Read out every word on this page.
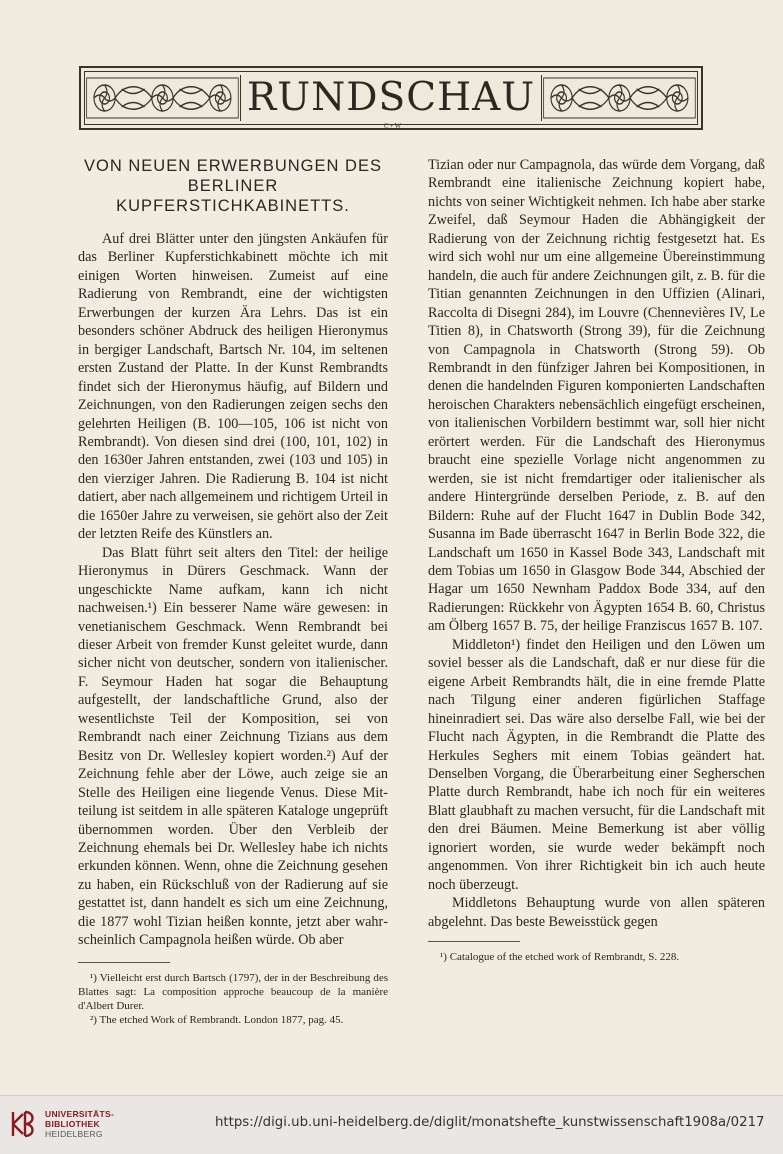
RUNDSCHAU
C+W
VON NEUEN ERWERBUNGEN DES BERLINER KUPFERSTICHKABINETTS.

Auf drei Blätter unter den jüngsten Ankäufen für das Berliner Kupferstichkabinett möchte ich mit einigen Worten hinweisen. Zumeist auf eine Radierung von Rembrandt, eine der wichtigsten Erwerbungen der kurzen Ära Lehrs. Das ist ein besonders schöner Abdruck des heiligen Hieronymus in bergiger Landschaft, Bartsch Nr. 104, im seltenen ersten Zustand der Platte. In der Kunst Rembrandts findet sich der Hieronymus häufig, auf Bildern und Zeichnungen, von den Radierungen zeigen sechs den gelehrten Heiligen (B. 100—105, 106 ist nicht von Rembrandt). Von diesen sind drei (100, 101, 102) in den 1630er Jahren entstanden, zwei (103 und 105) in den vierziger Jahren. Die Radierung B. 104 ist nicht datiert, aber nach allgemeinem und richtigem Urteil in die 1650er Jahre zu verweisen, sie gehört also der Zeit der letzten Reife des Künstlers an.

Das Blatt führt seit alters den Titel: der heilige Hieronymus in Dürers Geschmack. Wann der ungeschickte Name aufkam, kann ich nicht nachweisen.¹) Ein besserer Name wäre gewesen: in venetianischem Geschmack. Wenn Rembrandt bei dieser Arbeit von fremder Kunst geleitet wurde, dann sicher nicht von deutscher, sondern von italienischer. F. Seymour Haden hat sogar die Behauptung aufgestellt, der landschaftliche Grund, also der wesentlichste Teil der Komposition, sei von Rembrandt nach einer Zeichnung Tizians aus dem Besitz von Dr. Wellesley kopiert worden.²) Auf der Zeichnung fehle aber der Löwe, auch zeige sie an Stelle des Heiligen eine liegende Venus. Diese Mitteilung ist seitdem in alle späteren Kataloge ungeprüft übernommen worden. Über den Verbleib der Zeichnung ehemals bei Dr. Wellesley habe ich nichts erkunden können. Wenn, ohne die Zeichnung gesehen zu haben, ein Rückschluß von der Radierung auf sie gestattet ist, dann handelt es sich um eine Zeichnung, die 1877 wohl Tizian heißen konnte, jetzt aber wahrscheinlich Campagnola heißen würde. Ob aber

¹) Vielleicht erst durch Bartsch (1797), der in der Beschreibung des Blattes sagt: La composition approche beaucoup de la manière d'Albert Durer.

²) The etched Work of Rembrandt. London 1877, pag. 45.

Tizian oder nur Campagnola, das würde dem Vorgang, daß Rembrandt eine italienische Zeichnung kopiert habe, nichts von seiner Wichtigkeit nehmen. Ich habe aber starke Zweifel, daß Seymour Haden die Abhängigkeit der Radierung von der Zeichnung richtig festgesetzt hat. Es wird sich wohl nur um eine allgemeine Übereinstimmung handeln, die auch für andere Zeichnungen gilt, z. B. für die Titian genannten Zeichnungen in den Uffizien (Alinari, Raccolta di Disegni 284), im Louvre (Chennevières IV, Le Titien 8), in Chatsworth (Strong 39), für die Zeichnung von Campagnola in Chatsworth (Strong 59). Ob Rembrandt in den fünfziger Jahren bei Kompositionen, in denen die handelnden Figuren komponierten Landschaften heroischen Charakters nebensächlich eingefügt erscheinen, von italienischen Vorbildern bestimmt war, soll hier nicht erörtert werden. Für die Landschaft des Hieronymus braucht eine spezielle Vorlage nicht angenommen zu werden, sie ist nicht fremdartiger oder italienischer als andere Hintergründe derselben Periode, z. B. auf den Bildern: Ruhe auf der Flucht 1647 in Dublin Bode 342, Susanna im Bade überrascht 1647 in Berlin Bode 322, die Landschaft um 1650 in Kassel Bode 343, Landschaft mit dem Tobias um 1650 in Glasgow Bode 344, Abschied der Hagar um 1650 Newnham Paddox Bode 334, auf den Radierungen: Rückkehr von Ägypten 1654 B. 60, Christus am Ölberg 1657 B. 75, der heilige Franziscus 1657 B. 107.

Middleton¹) findet den Heiligen und den Löwen um soviel besser als die Landschaft, daß er nur diese für die eigene Arbeit Rembrandts hält, die in eine fremde Platte nach Tilgung einer anderen figürlichen Staffage hineinradiert sei. Das wäre also derselbe Fall, wie bei der Flucht nach Ägypten, in die Rembrandt die Platte des Herkules Seghers mit einem Tobias geändert hat. Denselben Vorgang, die Überarbeitung einer Segherschen Platte durch Rembrandt, habe ich noch für ein weiteres Blatt glaubhaft zu machen versucht, für die Landschaft mit den drei Bäumen. Meine Bemerkung ist aber völlig ignoriert worden, sie wurde weder bekämpft noch angenommen. Von ihrer Richtigkeit bin ich auch heute noch überzeugt.

Middletons Behauptung wurde von allen späteren abgelehnt. Das beste Beweisstück gegen

¹) Catalogue of the etched work of Rembrandt, S. 228.

UNIVERSITÄTS-
BIBLIOTHEK
HEIDELBERG
https://digi.ub.uni-heidelberg.de/diglit/monatshefte_kunstwissenschaft1908a/0217
